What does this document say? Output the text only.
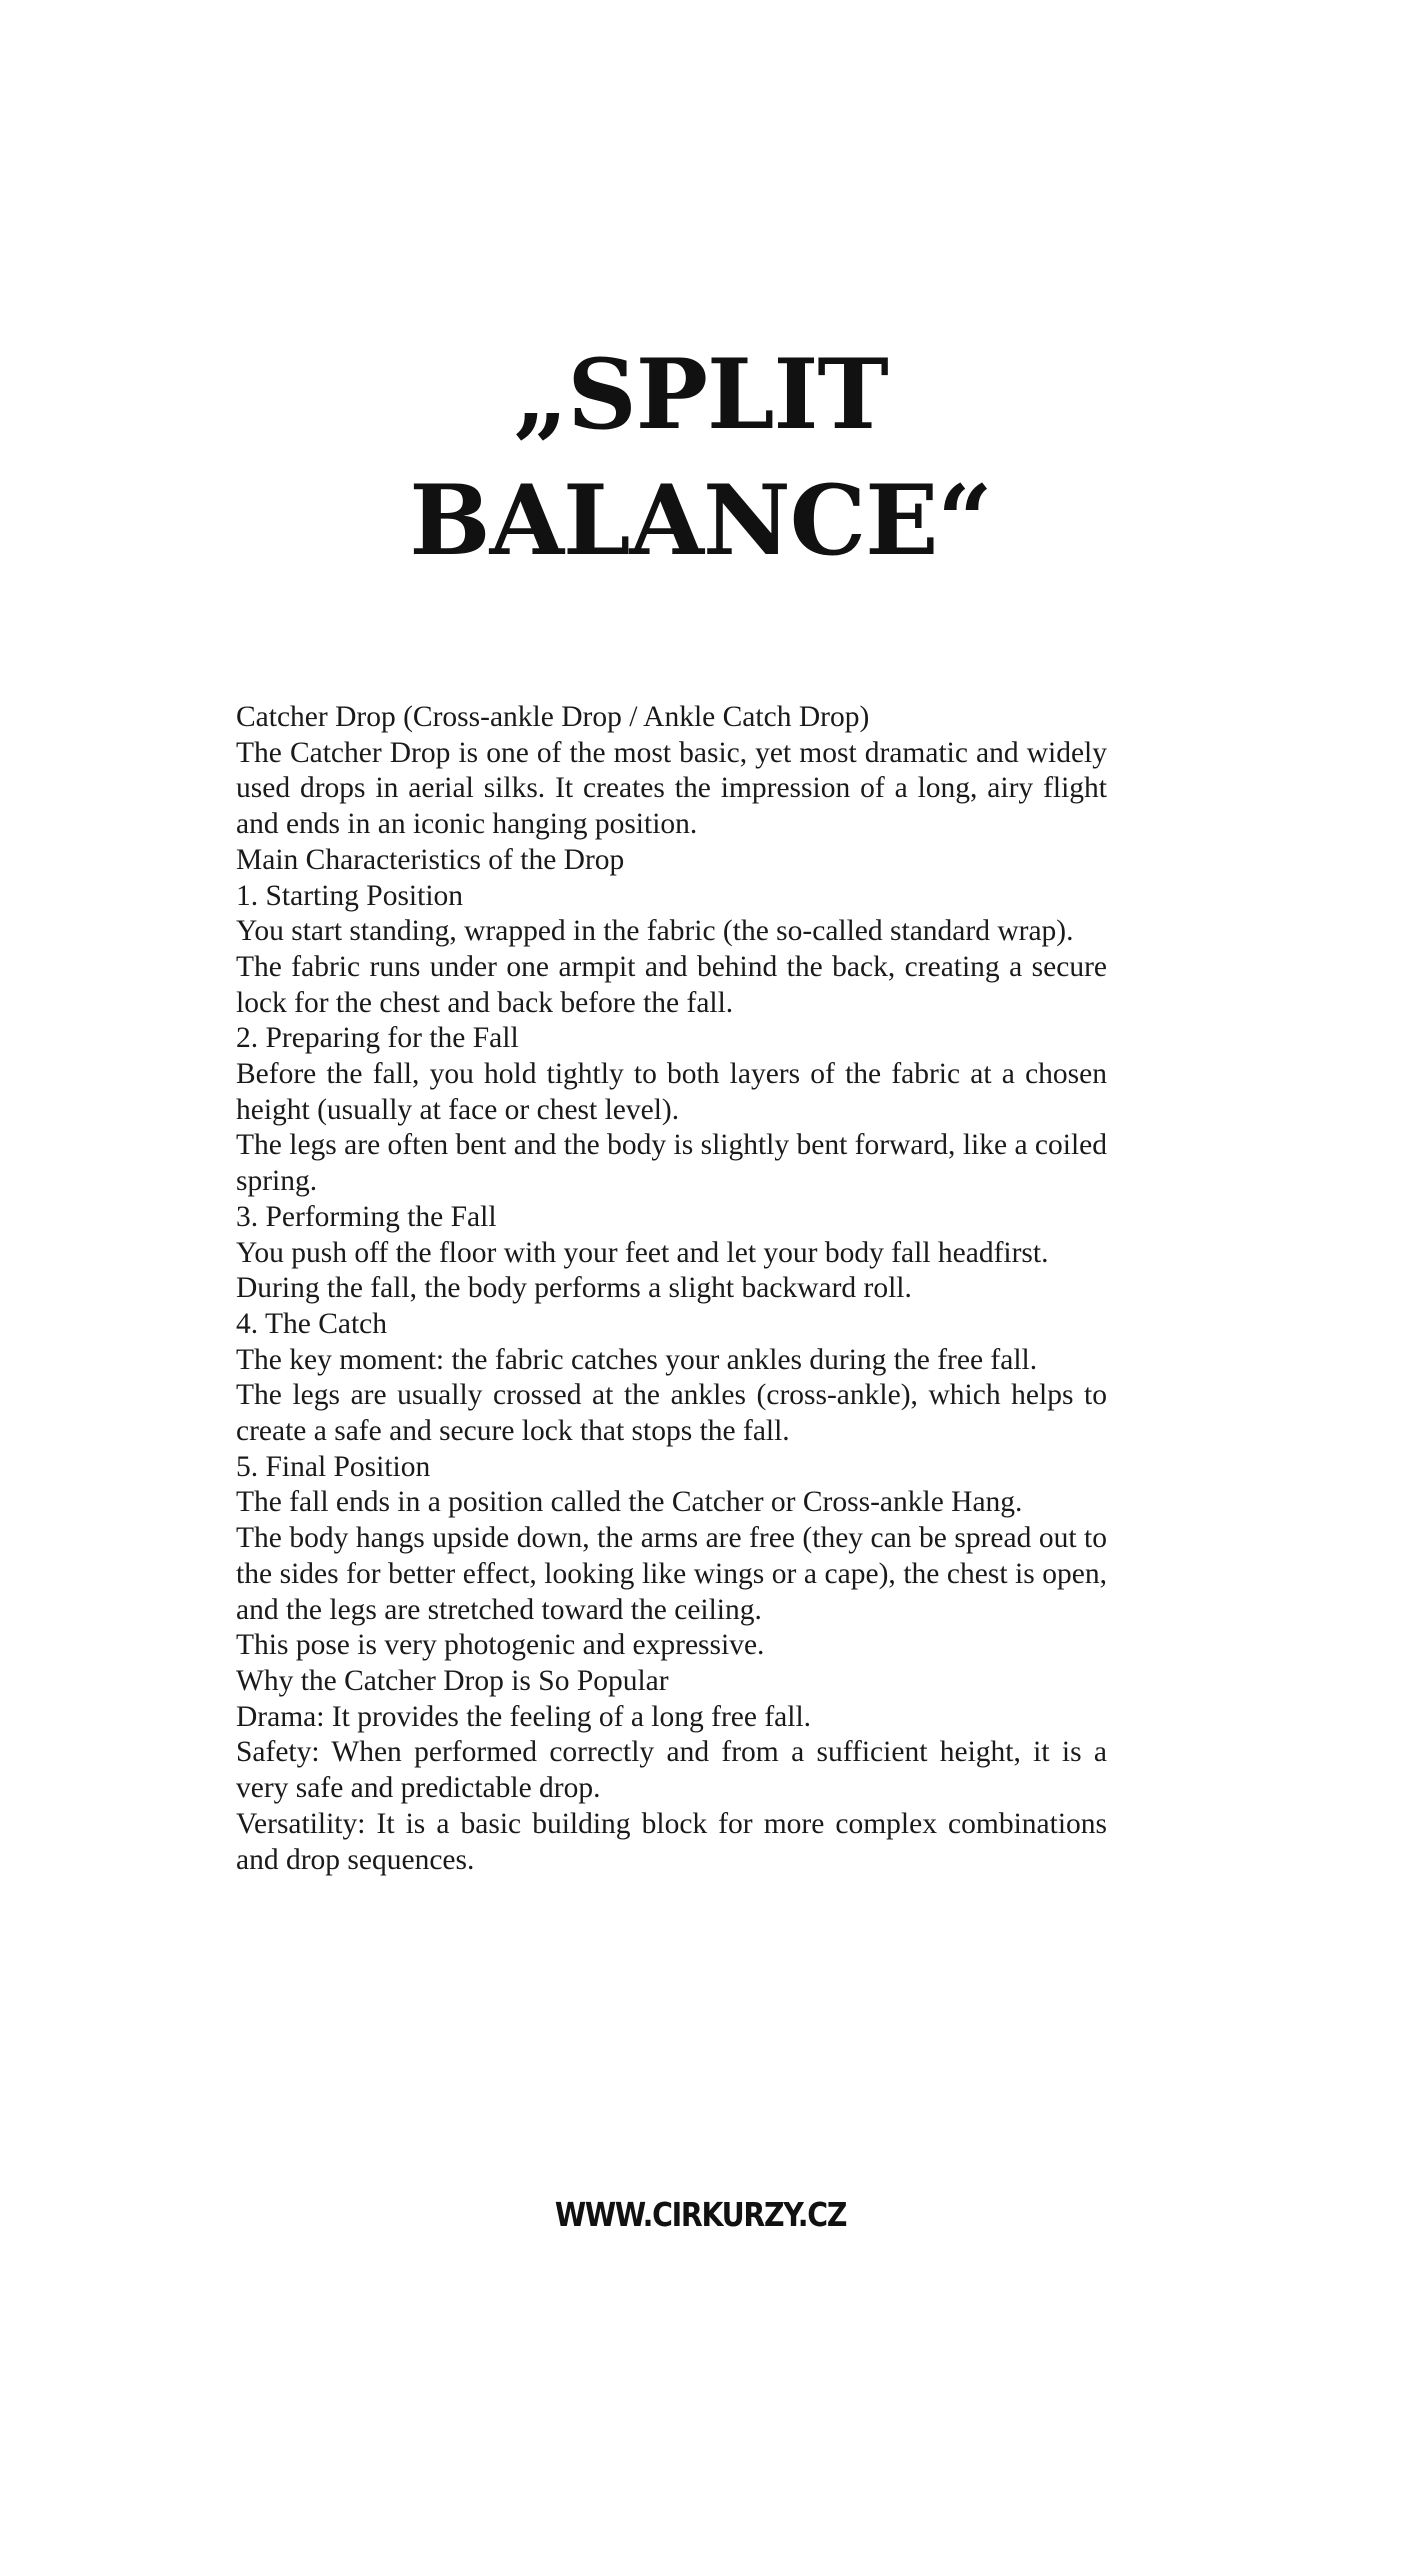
„SPLIT
BALANCE“

Catcher Drop (Cross-ankle Drop / Ankle Catch Drop)

The Catcher Drop is one of the most basic, yet most dramatic and widely used drops in aerial silks. It creates the impression of a long, airy flight and ends in an iconic hanging position.

Main Characteristics of the Drop

1. Starting Position

You start standing, wrapped in the fabric (the so-called standard wrap).

The fabric runs under one armpit and behind the back, creating a secure lock for the chest and back before the fall.

2. Preparing for the Fall

Before the fall, you hold tightly to both layers of the fabric at a chosen height (usually at face or chest level).

The legs are often bent and the body is slightly bent forward, like a coiled spring.

3. Performing the Fall

You push off the floor with your feet and let your body fall headfirst.

During the fall, the body performs a slight backward roll.

4. The Catch

The key moment: the fabric catches your ankles during the free fall.

The legs are usually crossed at the ankles (cross-ankle), which helps to create a safe and secure lock that stops the fall.

5. Final Position

The fall ends in a position called the Catcher or Cross-ankle Hang.

The body hangs upside down, the arms are free (they can be spread out to the sides for better effect, looking like wings or a cape), the chest is open, and the legs are stretched toward the ceiling.

This pose is very photogenic and expressive.

Why the Catcher Drop is So Popular

Drama: It provides the feeling of a long free fall.

Safety: When performed correctly and from a sufficient height, it is a very safe and predictable drop.

Versatility: It is a basic building block for more complex combinations and drop sequences.

WWW.CIRKURZY.CZ
